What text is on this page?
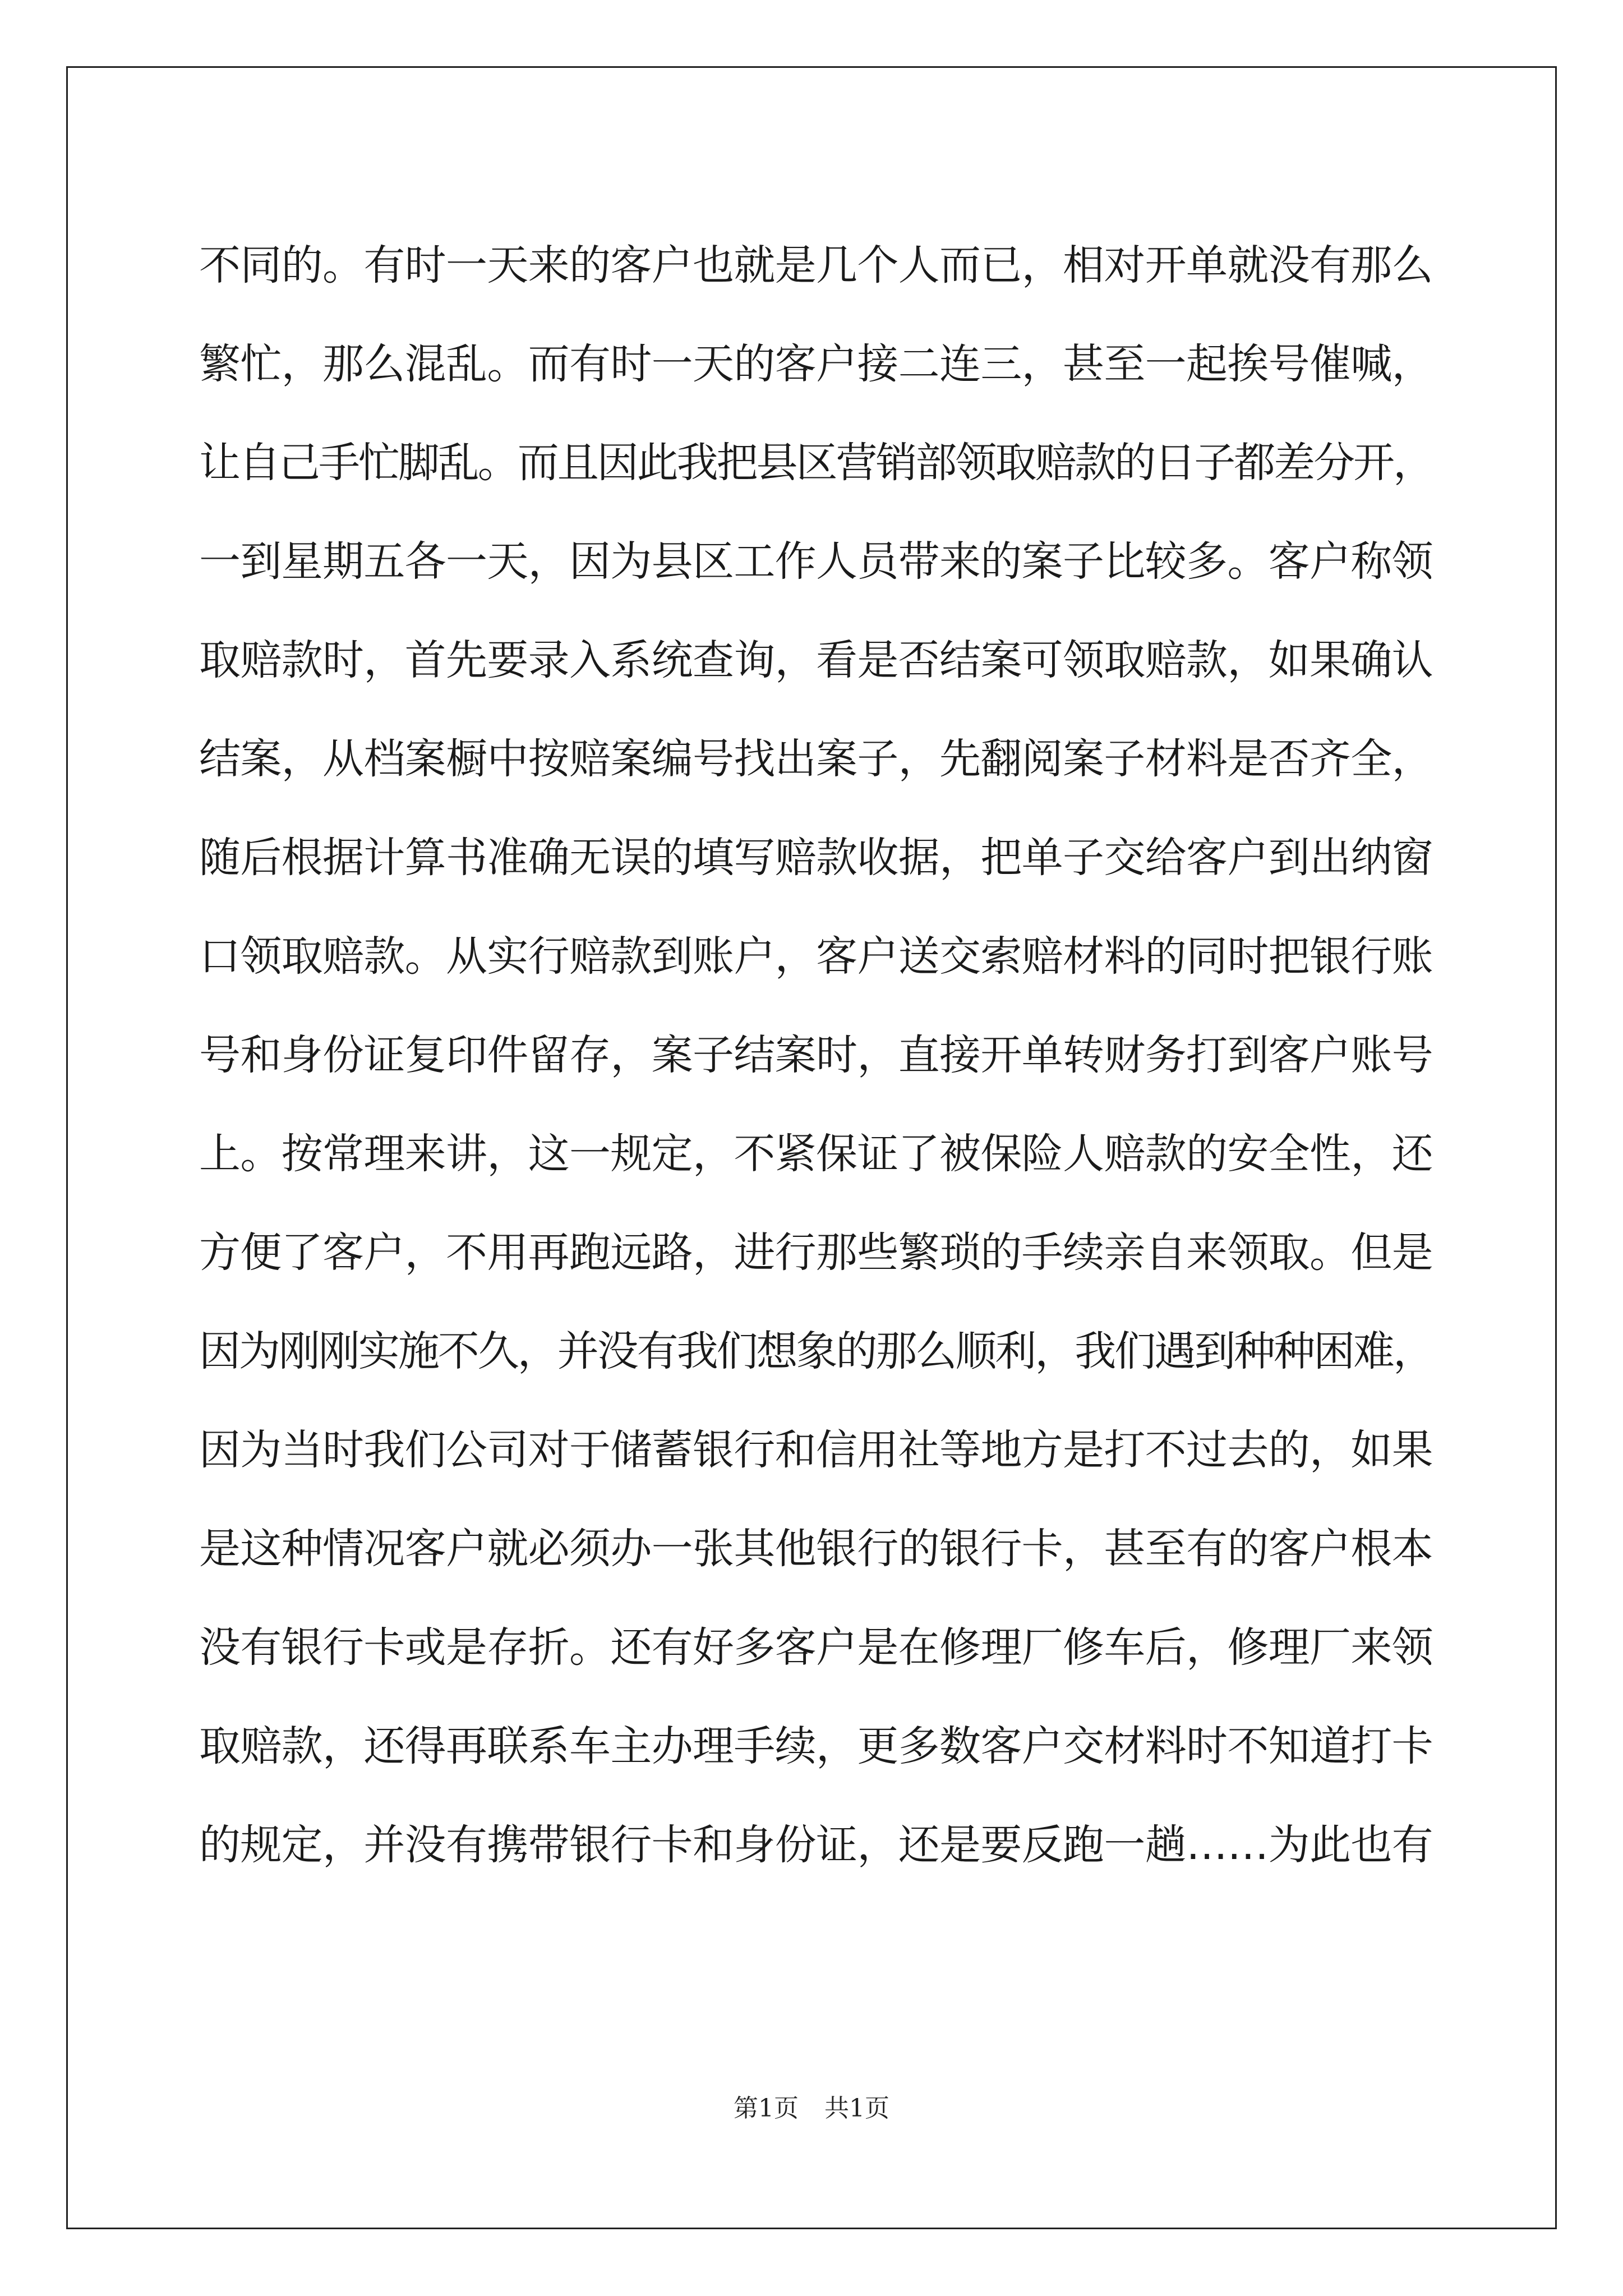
不同的。有时一天来的客户也就是几个人而已，相对开单就没有那么
繁忙，那么混乱。而有时一天的客户接二连三，甚至一起挨号催喊，
让自己手忙脚乱。而且因此我把县区营销部领取赔款的日子都差分开，
一到星期五各一天，因为县区工作人员带来的案子比较多。客户称领
取赔款时，首先要录入系统查询，看是否结案可领取赔款，如果确认
结案，从档案橱中按赔案编号找出案子，先翻阅案子材料是否齐全，
随后根据计算书准确无误的填写赔款收据，把单子交给客户到出纳窗
口领取赔款。从实行赔款到账户，客户送交索赔材料的同时把银行账
号和身份证复印件留存，案子结案时，直接开单转财务打到客户账号
上。按常理来讲，这一规定，不紧保证了被保险人赔款的安全性，还
方便了客户，不用再跑远路，进行那些繁琐的手续亲自来领取。但是
因为刚刚实施不久，并没有我们想象的那么顺利，我们遇到种种困难，
因为当时我们公司对于储蓄银行和信用社等地方是打不过去的，如果
是这种情况客户就必须办一张其他银行的银行卡，甚至有的客户根本
没有银行卡或是存折。还有好多客户是在修理厂修车后，修理厂来领
取赔款，还得再联系车主办理手续，更多数客户交材料时不知道打卡
的规定，并没有携带银行卡和身份证，还是要反跑一趟……为此也有
第1页 共1页
